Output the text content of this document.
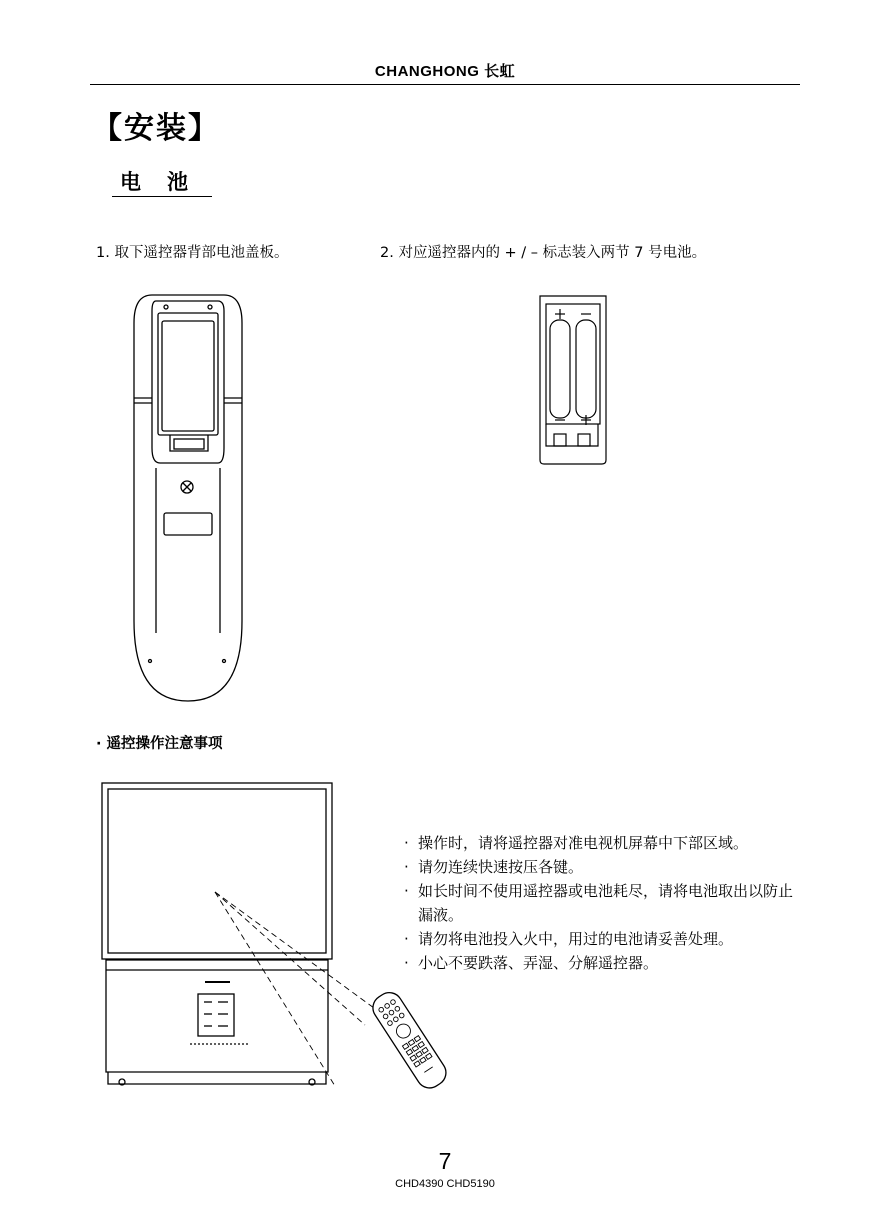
CHANGHONG 长虹
【安装】
电池
1. 取下遥控器背部电池盖板。	2. 对应遥控器内的 + ∕ – 标志装入两节 7 号电池。
· 遥控操作注意事项
· 操作时，请将遥控器对准电视机屏幕中下部区域。
· 请勿连续快速按压各键。
· 如长时间不使用遥控器或电池耗尽，请将电池取出以防止漏液。
· 请勿将电池投入火中，用过的电池请妥善处理。
· 小心不要跌落、弄湿、分解遥控器。
7
CHD4390 CHD5190
